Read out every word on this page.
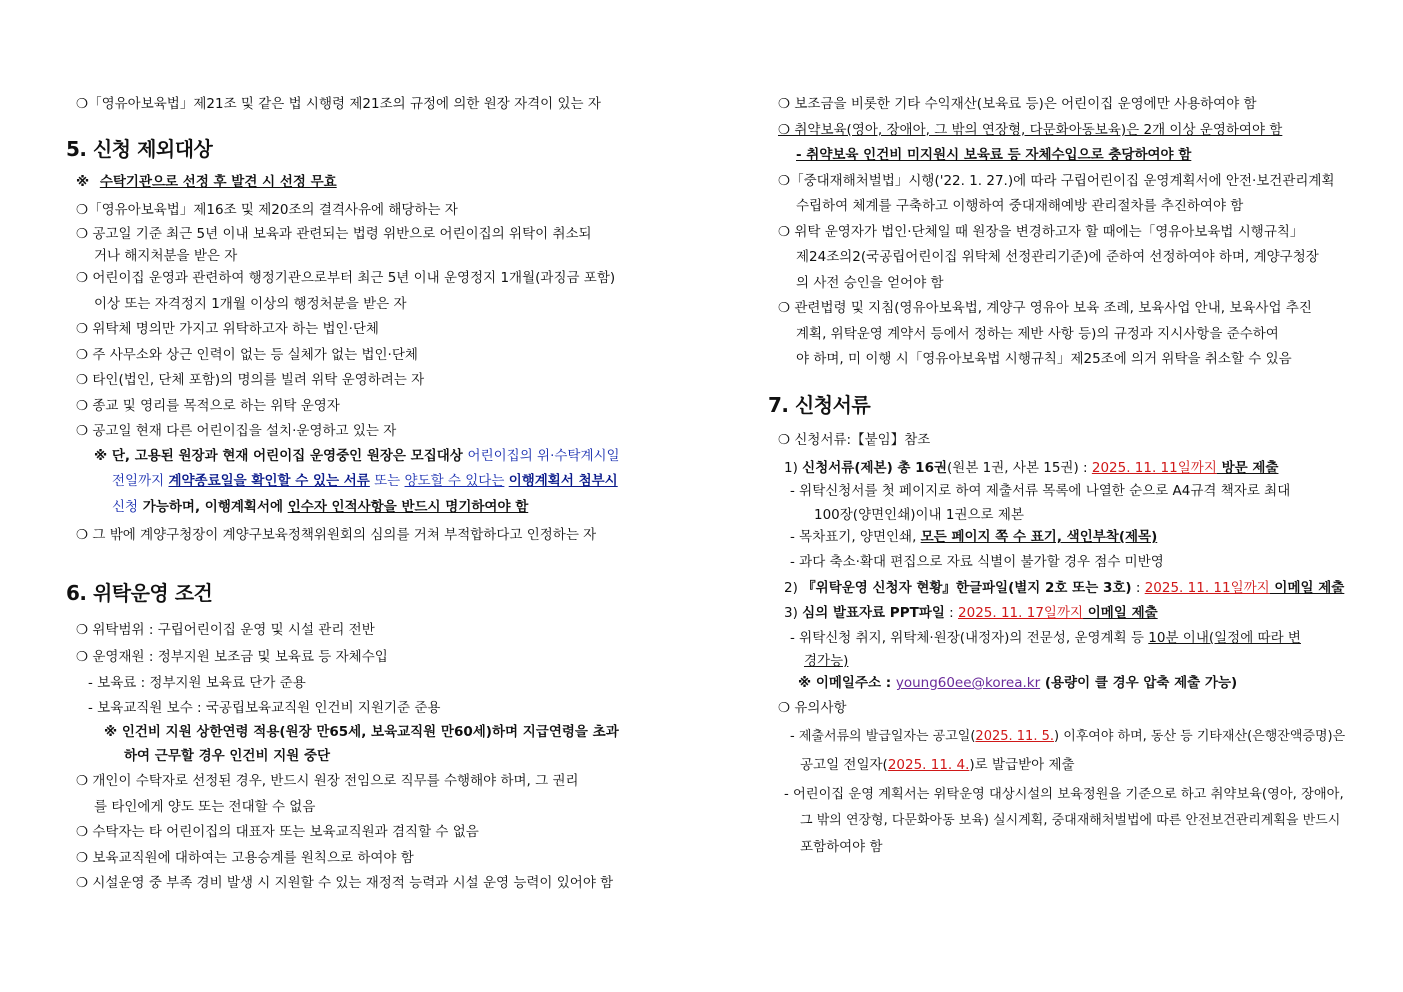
❍「영유아보육법」제21조 및 같은 법 시행령 제21조의 규정에 의한 원장 자격이 있는 자
5. 신청 제외대상
※ 수탁기관으로 선정 후 발견 시 선정 무효
❍「영유아보육법」제16조 및 제20조의 결격사유에 해당하는 자
❍ 공고일 기준 최근 5년 이내 보육과 관련되는 법령 위반으로 어린이집의 위탁이 취소되
거나 해지처분을 받은 자
❍ 어린이집 운영과 관련하여 행정기관으로부터 최근 5년 이내 운영정지 1개월(과징금 포함)
이상 또는 자격정지 1개월 이상의 행정처분을 받은 자
❍ 위탁체 명의만 가지고 위탁하고자 하는 법인·단체
❍ 주 사무소와 상근 인력이 없는 등 실체가 없는 법인·단체
❍ 타인(법인, 단체 포함)의 명의를 빌려 위탁 운영하려는 자
❍ 종교 및 영리를 목적으로 하는 위탁 운영자
❍ 공고일 현재 다른 어린이집을 설치·운영하고 있는 자
※ 단, 고용된 원장과 현재 어린이집 운영중인 원장은 모집대상 어린이집의 위·수탁계시일
전일까지 계약종료일을 확인할 수 있는 서류 또는 양도할 수 있다는 이행계획서 첨부시
신청 가능하며, 이행계획서에 인수자 인적사항을 반드시 명기하여야 함
❍ 그 밖에 계양구청장이 계양구보육정책위원회의 심의를 거쳐 부적합하다고 인정하는 자
6. 위탁운영 조건
❍ 위탁범위 : 구립어린이집 운영 및 시설 관리 전반
❍ 운영재원 : 정부지원 보조금 및 보육료 등 자체수입
- 보육료 : 정부지원 보육료 단가 준용
- 보육교직원 보수 : 국공립보육교직원 인건비 지원기준 준용
※ 인건비 지원 상한연령 적용(원장 만65세, 보육교직원 만60세)하며 지급연령을 초과
하여 근무할 경우 인건비 지원 중단
❍ 개인이 수탁자로 선정된 경우, 반드시 원장 전임으로 직무를 수행해야 하며, 그 권리
를 타인에게 양도 또는 전대할 수 없음
❍ 수탁자는 타 어린이집의 대표자 또는 보육교직원과 겸직할 수 없음
❍ 보육교직원에 대하여는 고용승계를 원칙으로 하여야 함
❍ 시설운영 중 부족 경비 발생 시 지원할 수 있는 재정적 능력과 시설 운영 능력이 있어야 함
❍ 보조금을 비롯한 기타 수익재산(보육료 등)은 어린이집 운영에만 사용하여야 함
❍ 취약보육(영아, 장애아, 그 밖의 연장형, 다문화아동보육)은 2개 이상 운영하여야 함
- 취약보육 인건비 미지원시 보육료 등 자체수입으로 충당하여야 함
❍「중대재해처벌법」시행('22. 1. 27.)에 따라 구립어린이집 운영계획서에 안전·보건관리계획
수립하여 체계를 구축하고 이행하여 중대재해예방 관리절차를 추진하여야 함
❍ 위탁 운영자가 법인·단체일 때 원장을 변경하고자 할 때에는「영유아보육법 시행규칙」
제24조의2(국공립어린이집 위탁체 선정관리기준)에 준하여 선정하여야 하며, 계양구청장
의 사전 승인을 얻어야 함
❍ 관련법령 및 지침(영유아보육법, 계양구 영유아 보육 조례, 보육사업 안내, 보육사업 추진
계획, 위탁운영 계약서 등에서 정하는 제반 사항 등)의 규정과 지시사항을 준수하여
야 하며, 미 이행 시「영유아보육법 시행규칙」제25조에 의거 위탁을 취소할 수 있음
7. 신청서류
❍ 신청서류:【붙임】참조
1) 신청서류(제본) 총 16권(원본 1권, 사본 15권) : 2025. 11. 11일까지 방문 제출
- 위탁신청서를 첫 페이지로 하여 제출서류 목록에 나열한 순으로 A4규격 책자로 최대
100장(양면인쇄)이내 1권으로 제본
- 목차표기, 양면인쇄, 모든 페이지 쪽 수 표기, 색인부착(제목)
- 과다 축소·확대 편집으로 자료 식별이 불가할 경우 점수 미반영
2) 『위탁운영 신청자 현황』한글파일(별지 2호 또는 3호) : 2025. 11. 11일까지 이메일 제출
3) 심의 발표자료 PPT파일 : 2025. 11. 17일까지 이메일 제출
- 위탁신청 취지, 위탁체·원장(내정자)의 전문성, 운영계획 등 10분 이내(일정에 따라 변
경가능)
※ 이메일주소 : young60ee@korea.kr (용량이 클 경우 압축 제출 가능)
❍ 유의사항
- 제출서류의 발급일자는 공고일(2025. 11. 5.) 이후여야 하며, 동산 등 기타재산(은행잔액증명)은
공고일 전일자(2025. 11. 4.)로 발급받아 제출
- 어린이집 운영 계획서는 위탁운영 대상시설의 보육정원을 기준으로 하고 취약보육(영아, 장애아,
그 밖의 연장형, 다문화아동 보육) 실시계획, 중대재해처벌법에 따른 안전보건관리계획을 반드시
포함하여야 함
